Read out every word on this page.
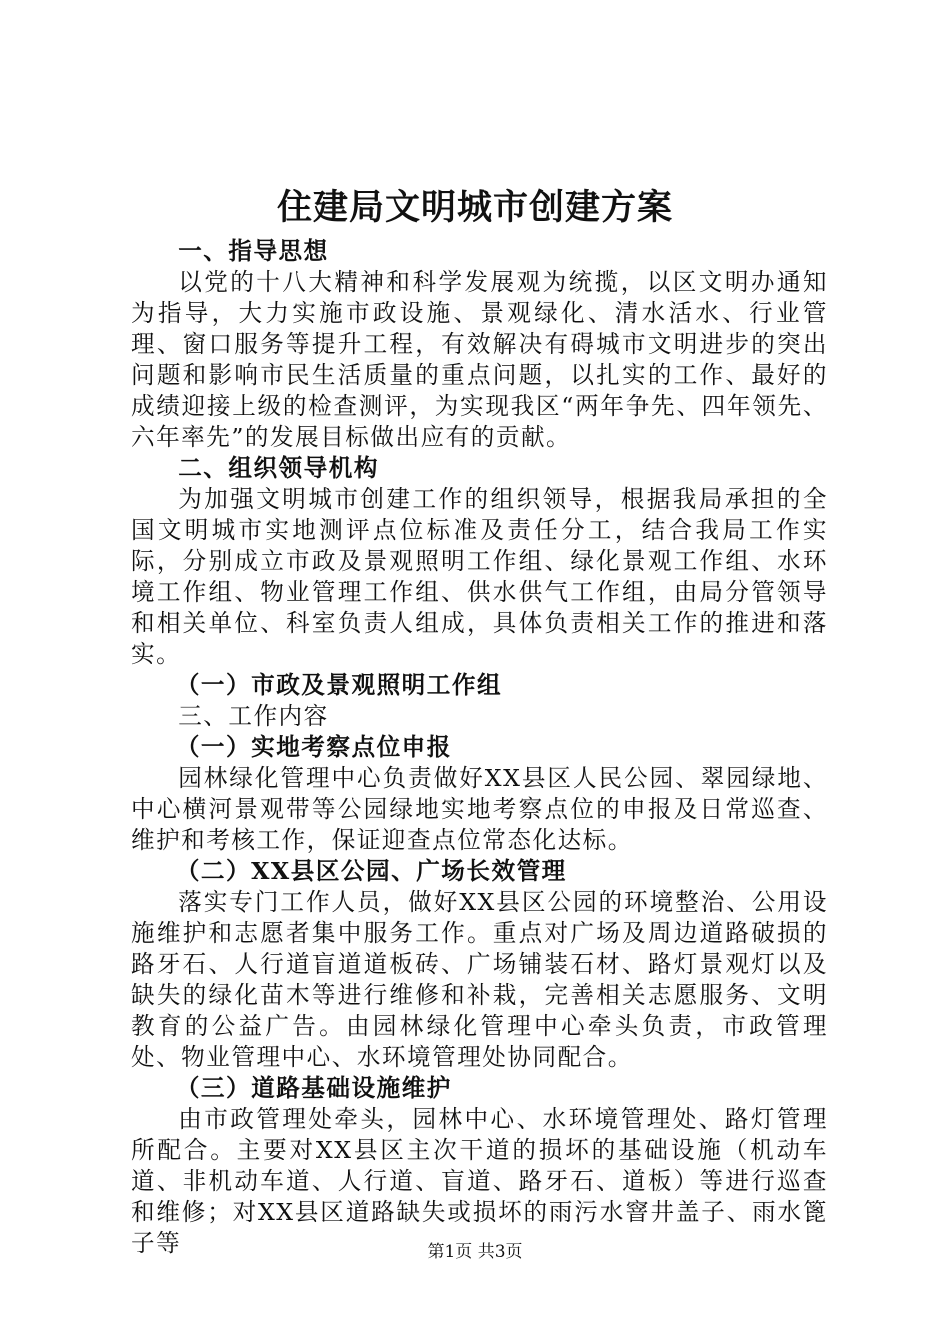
住建局文明城市创建方案

一、指导思想

以党的十八大精神和科学发展观为统揽，以区文明办通知为指导，大力实施市政设施、景观绿化、清水活水、行业管理、窗口服务等提升工程，有效解决有碍城市文明进步的突出问题和影响市民生活质量的重点问题，以扎实的工作、最好的成绩迎接上级的检查测评，为实现我区“两年争先、四年领先、六年率先”的发展目标做出应有的贡献。

二、组织领导机构

为加强文明城市创建工作的组织领导，根据我局承担的全国文明城市实地测评点位标准及责任分工，结合我局工作实际，分别成立市政及景观照明工作组、绿化景观工作组、水环境工作组、物业管理工作组、供水供气工作组，由局分管领导和相关单位、科室负责人组成，具体负责相关工作的推进和落实。

（一）市政及景观照明工作组

三、工作内容

（一）实地考察点位申报

园林绿化管理中心负责做好XX县区人民公园、翠园绿地、中心横河景观带等公园绿地实地考察点位的申报及日常巡查、维护和考核工作，保证迎查点位常态化达标。

（二）XX县区公园、广场长效管理

落实专门工作人员，做好XX县区公园的环境整治、公用设施维护和志愿者集中服务工作。重点对广场及周边道路破损的路牙石、人行道盲道道板砖、广场铺装石材、路灯景观灯以及缺失的绿化苗木等进行维修和补栽，完善相关志愿服务、文明教育的公益广告。由园林绿化管理中心牵头负责，市政管理处、物业管理中心、水环境管理处协同配合。

（三）道路基础设施维护

由市政管理处牵头，园林中心、水环境管理处、路灯管理所配合。主要对XX县区主次干道的损坏的基础设施（机动车道、非机动车道、人行道、盲道、路牙石、道板）等进行巡查和维修；对XX县区道路缺失或损坏的雨污水窨井盖子、雨水篦子等	第1页 共3页
